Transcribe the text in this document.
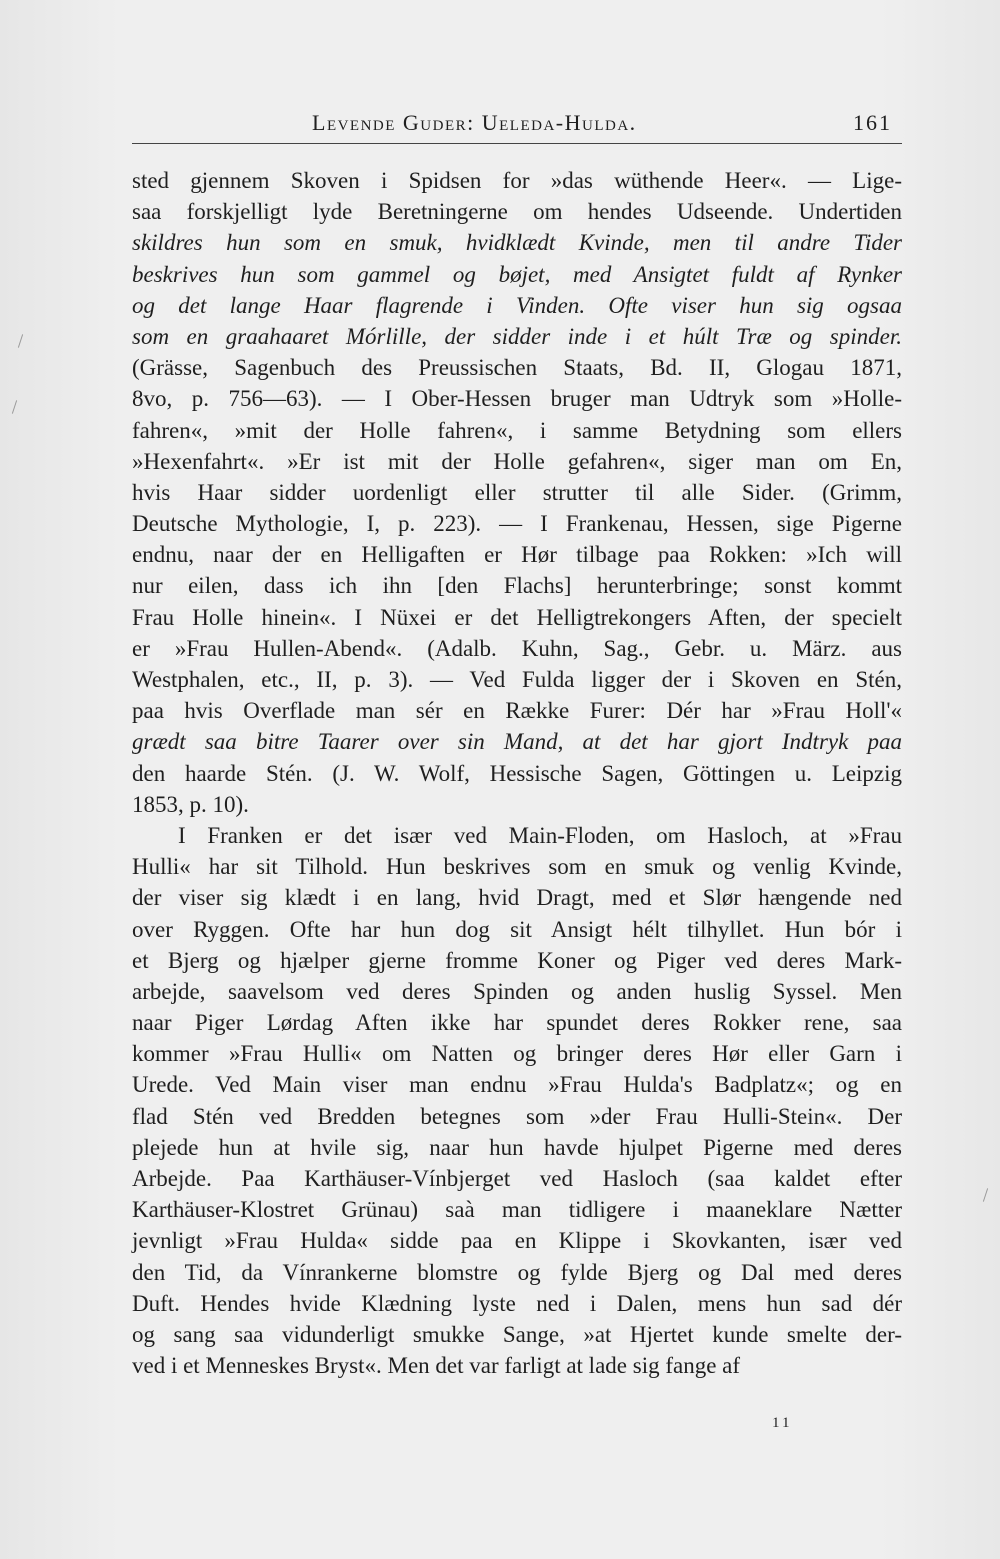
Levende Guder: Ueleda-Hulda.	161
sted gjennem Skoven i Spidsen for »das wüthende Heer«. — Lige-
saa forskjelligt lyde Beretningerne om hendes Udseende. Undertiden
skildres hun som en smuk, hvidklædt Kvinde, men til andre Tider
beskrives hun som gammel og bøjet, med Ansigtet fuldt af Rynker
og det lange Haar flagrende i Vinden. Ofte viser hun sig ogsaa
som en graahaaret Mórlille, der sidder inde i et húlt Træ og spinder.
(Grässe, Sagenbuch des Preussischen Staats, Bd. II, Glogau 1871,
8vo, p. 756—63). — I Ober-Hessen bruger man Udtryk som »Holle-
fahren«, »mit der Holle fahren«, i samme Betydning som ellers
»Hexenfahrt«. »Er ist mit der Holle gefahren«, siger man om En,
hvis Haar sidder uordenligt eller strutter til alle Sider. (Grimm,
Deutsche Mythologie, I, p. 223). — I Frankenau, Hessen, sige Pigerne
endnu, naar der en Helligaften er Hør tilbage paa Rokken: »Ich will
nur eilen, dass ich ihn [den Flachs] herunterbringe; sonst kommt
Frau Holle hinein«. I Nüxei er det Helligtrekongers Aften, der specielt
er »Frau Hullen-Abend«. (Adalb. Kuhn, Sag., Gebr. u. März. aus
Westphalen, etc., II, p. 3). — Ved Fulda ligger der i Skoven en Stén,
paa hvis Overflade man sér en Række Furer: Dér har »Frau Holl'«
grædt saa bitre Taarer over sin Mand, at det har gjort Indtryk paa
den haarde Stén. (J. W. Wolf, Hessische Sagen, Göttingen u. Leipzig
1853, p. 10).
I Franken er det især ved Main-Floden, om Hasloch, at »Frau
Hulli« har sit Tilhold. Hun beskrives som en smuk og venlig Kvinde,
der viser sig klædt i en lang, hvid Dragt, med et Slør hængende ned
over Ryggen. Ofte har hun dog sit Ansigt hélt tilhyllet. Hun bór i
et Bjerg og hjælper gjerne fromme Koner og Piger ved deres Mark-
arbejde, saavelsom ved deres Spinden og anden huslig Syssel. Men
naar Piger Lørdag Aften ikke har spundet deres Rokker rene, saa
kommer »Frau Hulli« om Natten og bringer deres Hør eller Garn i
Urede. Ved Main viser man endnu »Frau Hulda's Badplatz«; og en
flad Stén ved Bredden betegnes som »der Frau Hulli-Stein«. Der
plejede hun at hvile sig, naar hun havde hjulpet Pigerne med deres
Arbejde. Paa Karthäuser-Vínbjerget ved Hasloch (saa kaldet efter
Karthäuser-Klostret Grünau) saà man tidligere i maaneklare Nætter
jevnligt »Frau Hulda« sidde paa en Klippe i Skovkanten, især ved
den Tid, da Vínrankerne blomstre og fylde Bjerg og Dal med deres
Duft. Hendes hvide Klædning lyste ned i Dalen, mens hun sad dér
og sang saa vidunderligt smukke Sange, »at Hjertet kunde smelte der-
ved i et Menneskes Bryst«. Men det var farligt at lade sig fange af
11
